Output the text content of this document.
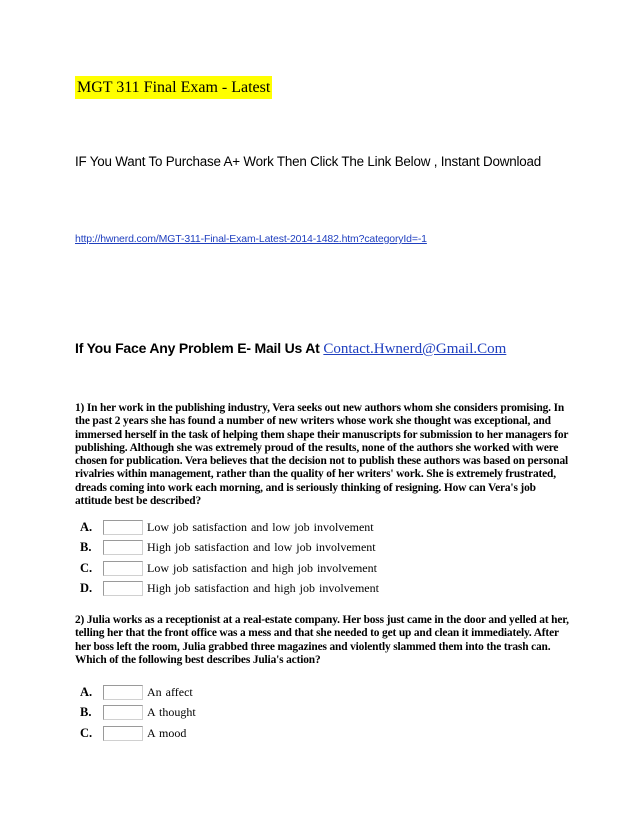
MGT 311 Final Exam - Latest
IF You Want To Purchase A+ Work Then Click The Link Below , Instant Download
http://hwnerd.com/MGT-311-Final-Exam-Latest-2014-1482.htm?categoryId=-1
If You Face Any Problem E- Mail Us At Contact.Hwnerd@Gmail.Com
1) In her work in the publishing industry, Vera seeks out new authors whom she considers promising. In the past 2 years she has found a number of new writers whose work she thought was exceptional, and immersed herself in the task of helping them shape their manuscripts for submission to her managers for publishing. Although she was extremely proud of the results, none of the authors she worked with were chosen for publication. Vera believes that the decision not to publish these authors was based on personal rivalries within management, rather than the quality of her writers' work. She is extremely frustrated, dreads coming into work each morning, and is seriously thinking of resigning. How can Vera's job attitude best be described?
A.	Low job satisfaction and low job involvement
B.	High job satisfaction and low job involvement
C.	Low job satisfaction and high job involvement
D.	High job satisfaction and high job involvement
2) Julia works as a receptionist at a real-estate company. Her boss just came in the door and yelled at her, telling her that the front office was a mess and that she needed to get up and clean it immediately. After her boss left the room, Julia grabbed three magazines and violently slammed them into the trash can. Which of the following best describes Julia's action?
A.	An affect
B.	A thought
C.	A mood
